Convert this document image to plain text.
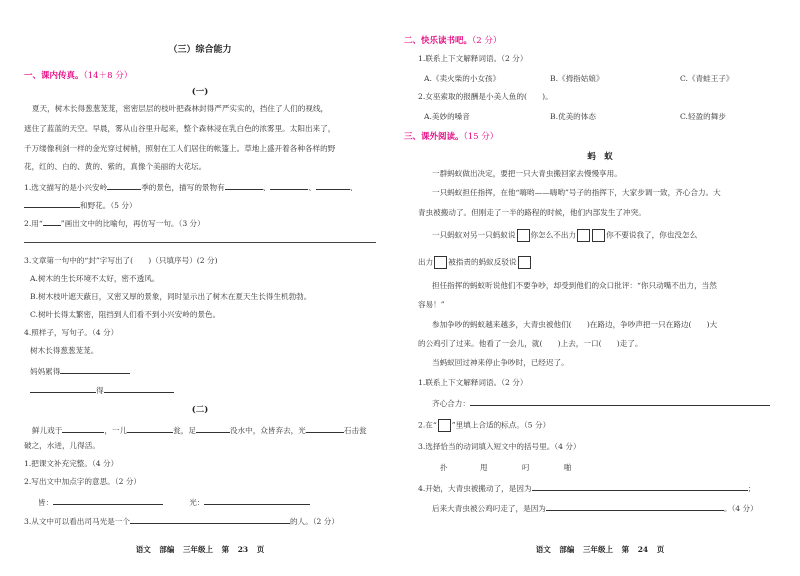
（三）综合能力
一、课内传真。（14＋8 分）
(一)
夏天，树木长得葱葱茏茏，密密层层的枝叶把森林封得严严实实的，挡住了人们的视线，
遮住了蓝蓝的天空。早晨，雾从山谷里升起来，整个森林浸在乳白色的浓雾里。太阳出来了，
千万缕像利剑一样的金光穿过树梢，照射在工人们居住的帐篷上。草地上盛开着各种各样的野
花，红的、白的、黄的、紫的，真像个美丽的大花坛。
1.选文描写的是小兴安岭	季的景色，描写的景物有	、	、	、
和野花。（5 分）
2.用“ ”画出文中的比喻句，再仿写一句。（3 分）
3.文章第一句中的“封”字写出了(　　)（只填序号）(2 分)
A.树木的生长环境不太好，密不透风。
B.树木枝叶遮天蔽日，又密又厚的景象，同时显示出了树木在夏天生长得生机勃勃。
C.树叶长得太繁密，阻挡到人们看不到小兴安岭的景色。
4.照样子，写句子。（4 分）
树木长得葱葱茏茏。
妈妈累得
得
(二)
鲜儿戏于	，一儿	瓮，足	没水中，众皆弃去，光	石击瓮
破之，水迸，儿得活。
1.把课文补充完整。（4 分）
2.写出文中加点字的意思。（2 分）
皆：	光：
3.从文中可以看出司马光是一个	的人。（2 分）
语文 部编 三年级上 第 23 页
二、快乐读书吧。（2 分）
1.联系上下文解释词语。（2 分）
A.《卖火柴的小女孩》	B.《拇指姑娘》	C.《青蛙王子》
2.女巫索取的报酬是小美人鱼的(　　)。
A.美妙的嗓音	B.优美的体态	C.轻盈的舞步
三、课外阅读。（15 分）
蚂　蚁
一群蚂蚁做出决定，要把一只大青虫搬回家去慢慢享用。
一只蚂蚁担任指挥，在他“嗨哟——嗨哟”号子的指挥下，大家步调一致，齐心合力。大
青虫被搬动了。但刚走了一半的路程的时候，他们内部发生了冲突。
一只蚂蚁对另一只蚂蚁说 你怎么不出力	你不要说我了，你也没怎么
出力 被指责的蚂蚁反驳说
担任指挥的蚂蚁听说他们不要争吵，却受到他们的众口批评：“你只动嘴不出力，当然
容易！”
参加争吵的蚂蚁越来越多，大青虫被他们(　　)在路边，争吵声把一只在路边(　　)大
的公鸡引了过来。他看了一会儿，就(　　)上去，一口(　　)走了。
当蚂蚁回过神来停止争吵时，已经迟了。
1.联系上下文解释词语。（2 分）
齐心合力：
2.在“ ”里填上合适的标点。（5 分）
3.选择恰当的动词填入短文中的括号里。（4 分）
扑	甩	叼	啪
4.开始，大青虫被搬动了，是因为	；
后来大青虫被公鸡叼走了，是因为	。（4 分）
语文 部编 三年级上 第 24 页
